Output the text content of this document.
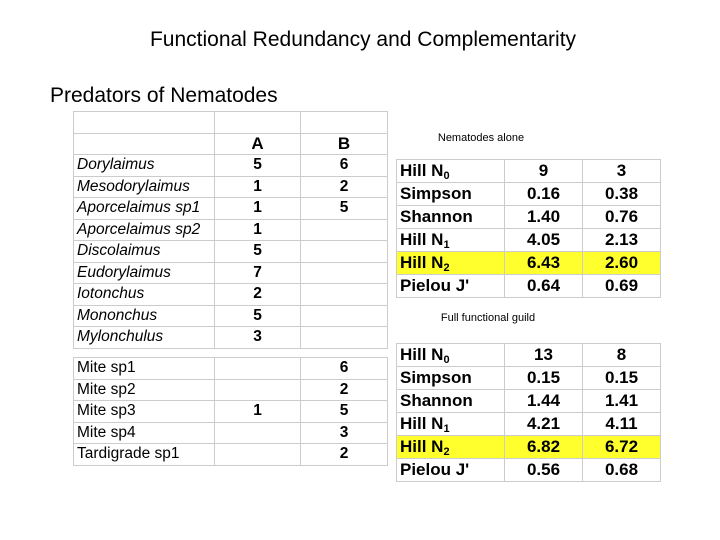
Functional Redundancy and Complementarity
Predators of Nematodes

	A	B
Dorylaimus	5	6
Mesodorylaimus	1	2
Aporcelaimus sp1	1	5
Aporcelaimus sp2	1	
Discolaimus	5	
Eudorylaimus	7	
Iotonchus	2	
Mononchus	5	
Mylonchulus	3	
Mite sp1		6
Mite sp2		2
Mite sp3	1	5
Mite sp4		3
Tardigrade sp1		2
Nematodes alone
Hill $N_0$	9	3
Simpson	0.16	0.38
Shannon	1.40	0.76
Hill $N_1$	4.05	2.13
Hill $N_2$	6.43	2.60
Pielou J'	0.64	0.69
Full functional guild
Hill $N_0$	13	8
Simpson	0.15	0.15
Shannon	1.44	1.41
Hill $N_1$	4.21	4.11
Hill $N_2$	6.82	6.72
Pielou J'	0.56	0.68
